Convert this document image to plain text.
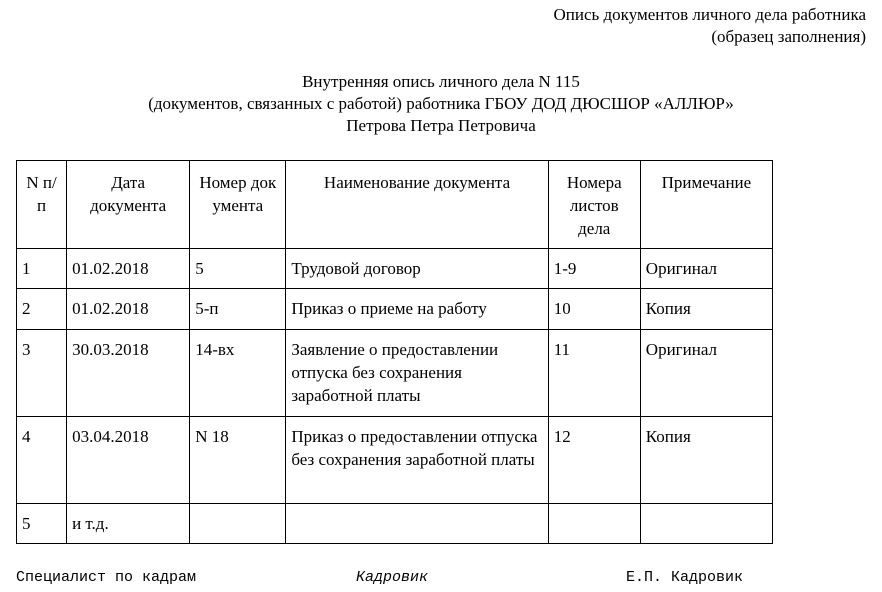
Опись документов личного дела работника
(образец заполнения)
Внутренняя опись личного дела N 115
(документов, связанных с работой) работника ГБОУ ДОД ДЮСШОР «АЛЛЮР»
Петрова Петра Петровича
N п/п	Дата документа	Номер документа	Наименование документа	Номера листов дела	Примечание
1	01.02.2018	5	Трудовой договор	1-9	Оригинал
2	01.02.2018	5-п	Приказ о приеме на работу	10	Копия
3	30.03.2018	14-вх	Заявление о предоставлении отпуска без сохранения заработной платы	11	Оригинал
4	03.04.2018	N 18	Приказ о предоставлении отпуска без сохранения заработной платы	12	Копия
5	и т.д.				
Специалист по кадрам	Кадровик	Е.П. Кадровик
